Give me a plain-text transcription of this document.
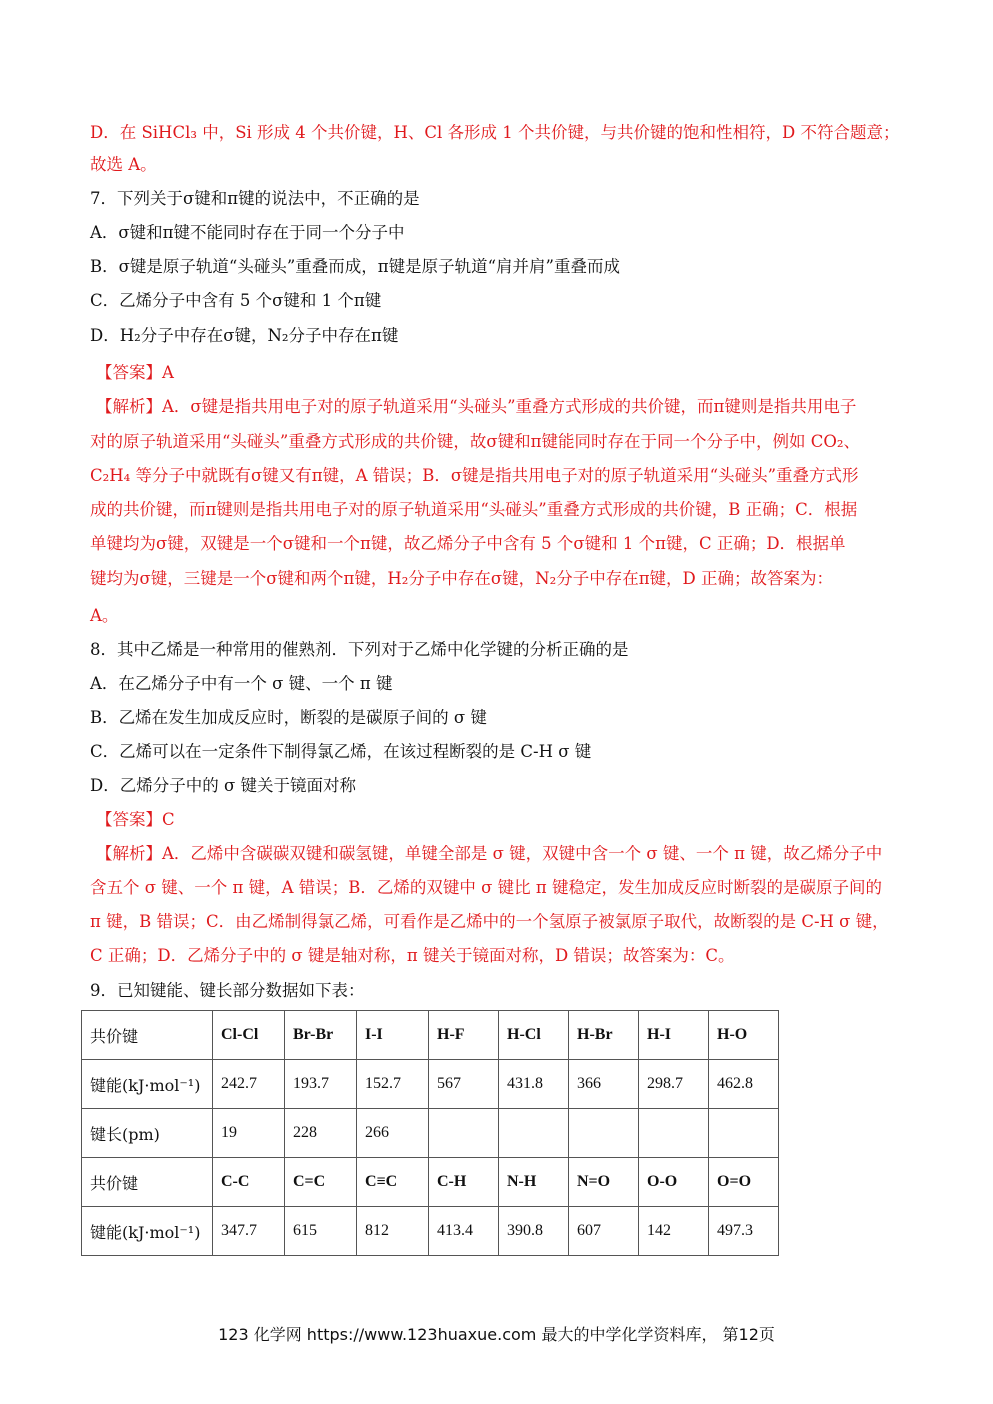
D．在 SiHCl₃ 中，Si 形成 4 个共价键，H、Cl 各形成 1 个共价键，与共价键的饱和性相符，D 不符合题意；
故选 A。
7．下列关于σ键和π键的说法中，不正确的是
A．σ键和π键不能同时存在于同一个分子中
B．σ键是原子轨道“头碰头”重叠而成，π键是原子轨道“肩并肩”重叠而成
C．乙烯分子中含有 5 个σ键和 1 个π键
D．H₂分子中存在σ键，N₂分子中存在π键
【答案】A
【解析】A．σ键是指共用电子对的原子轨道采用“头碰头”重叠方式形成的共价键，而π键则是指共用电子
对的原子轨道采用“头碰头”重叠方式形成的共价键，故σ键和π键能同时存在于同一个分子中，例如 CO₂、
C₂H₄ 等分子中就既有σ键又有π键，A 错误；B．σ键是指共用电子对的原子轨道采用“头碰头”重叠方式形
成的共价键，而π键则是指共用电子对的原子轨道采用“头碰头”重叠方式形成的共价键，B 正确；C．根据
单键均为σ键，双键是一个σ键和一个π键，故乙烯分子中含有 5 个σ键和 1 个π键，C 正确；D．根据单
键均为σ键，三键是一个σ键和两个π键，H₂分子中存在σ键，N₂分子中存在π键，D 正确；故答案为：
A。
8．其中乙烯是一种常用的催熟剂．下列对于乙烯中化学键的分析正确的是
A．在乙烯分子中有一个 σ 键、一个 π 键
B．乙烯在发生加成反应时，断裂的是碳原子间的 σ 键
C．乙烯可以在一定条件下制得氯乙烯，在该过程断裂的是 C-H σ 键
D．乙烯分子中的 σ 键关于镜面对称
【答案】C
【解析】A．乙烯中含碳碳双键和碳氢键，单键全部是 σ 键，双键中含一个 σ 键、一个 π 键，故乙烯分子中
含五个 σ 键、一个 π 键，A 错误；B．乙烯的双键中 σ 键比 π 键稳定，发生加成反应时断裂的是碳原子间的
π 键，B 错误；C．由乙烯制得氯乙烯，可看作是乙烯中的一个氢原子被氯原子取代，故断裂的是 C-H σ 键，
C 正确；D．乙烯分子中的 σ 键是轴对称，π 键关于镜面对称，D 错误；故答案为：C。
9．已知键能、键长部分数据如下表：
共价键	Cl-Cl	Br-Br	I-I	H-F	H-Cl	H-Br	H-I	H-O
键能(kJ·mol⁻¹)	242.7	193.7	152.7	567	431.8	366	298.7	462.8
键长(pm)	19	228	266					
共价键	C-C	C=C	C≡C	C-H	N-H	N=O	O-O	O=O
键能(kJ·mol⁻¹)	347.7	615	812	413.4	390.8	607	142	497.3
123 化学网 https://www.123huaxue.com 最大的中学化学资料库， 第12页
